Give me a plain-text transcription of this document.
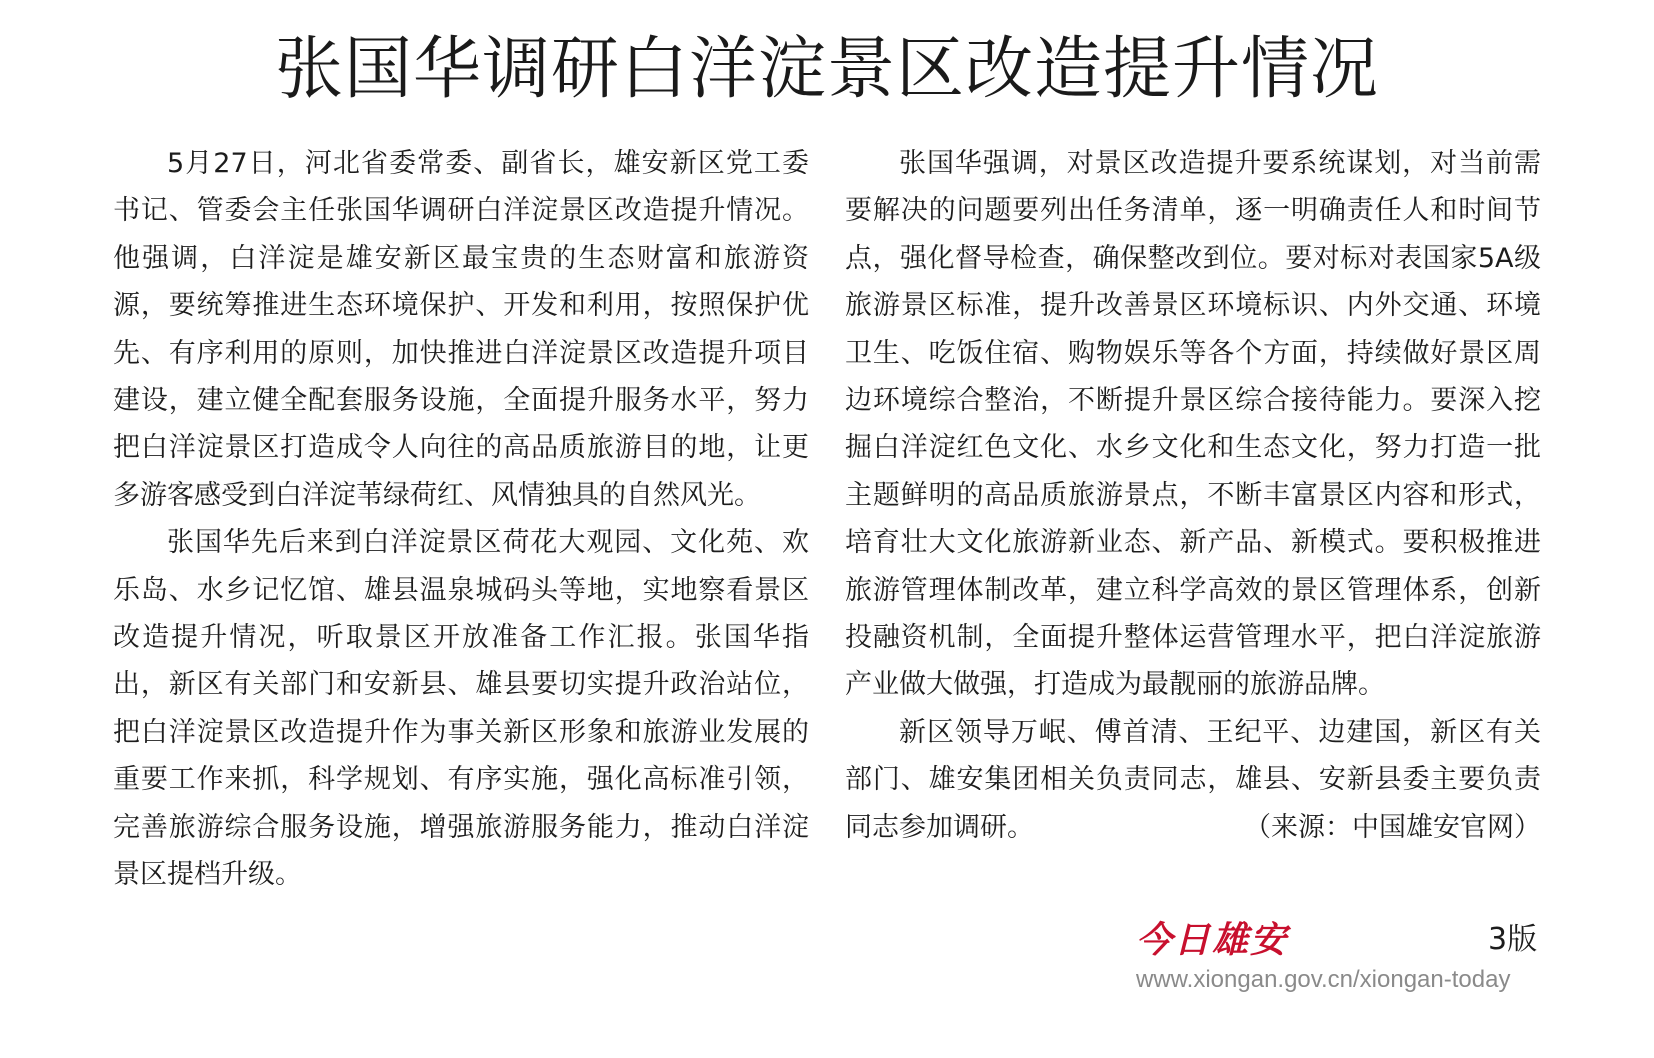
张国华调研白洋淀景区改造提升情况

5月27日，河北省委常委、副省长，雄安新区党工委书记、管委会主任张国华调研白洋淀景区改造提升情况。他强调，白洋淀是雄安新区最宝贵的生态财富和旅游资源，要统筹推进生态环境保护、开发和利用，按照保护优先、有序利用的原则，加快推进白洋淀景区改造提升项目建设，建立健全配套服务设施，全面提升服务水平，努力把白洋淀景区打造成令人向往的高品质旅游目的地，让更多游客感受到白洋淀苇绿荷红、风情独具的自然风光。

张国华先后来到白洋淀景区荷花大观园、文化苑、欢乐岛、水乡记忆馆、雄县温泉城码头等地，实地察看景区改造提升情况，听取景区开放准备工作汇报。张国华指出，新区有关部门和安新县、雄县要切实提升政治站位，把白洋淀景区改造提升作为事关新区形象和旅游业发展的重要工作来抓，科学规划、有序实施，强化高标准引领，完善旅游综合服务设施，增强旅游服务能力，推动白洋淀景区提档升级。

张国华强调，对景区改造提升要系统谋划，对当前需要解决的问题要列出任务清单，逐一明确责任人和时间节点，强化督导检查，确保整改到位。要对标对表国家5A级旅游景区标准，提升改善景区环境标识、内外交通、环境卫生、吃饭住宿、购物娱乐等各个方面，持续做好景区周边环境综合整治，不断提升景区综合接待能力。要深入挖掘白洋淀红色文化、水乡文化和生态文化，努力打造一批主题鲜明的高品质旅游景点，不断丰富景区内容和形式，培育壮大文化旅游新业态、新产品、新模式。要积极推进旅游管理体制改革，建立科学高效的景区管理体系，创新投融资机制，全面提升整体运营管理水平，把白洋淀旅游产业做大做强，打造成为最靓丽的旅游品牌。

新区领导万岷、傅首清、王纪平、边建国，新区有关部门、雄安集团相关负责同志，雄县、安新县委主要负责同志参加调研。	（来源：中国雄安官网）

今日雄安	3版
www.xiongan.gov.cn/xiongan-today
